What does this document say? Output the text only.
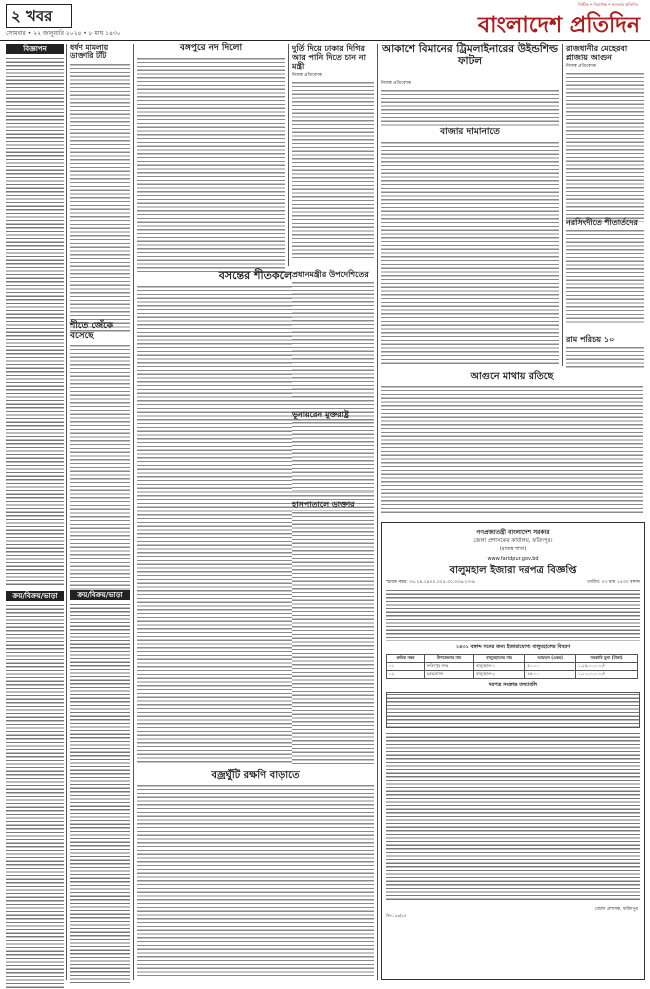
২ খবর
সোমবার • ২২ জানুয়ারি ২০২৪ • ৮ মাঘ ১৪৩০
নির্ভীক • নিরপেক্ষ • জনতার প্রতিদিন
বাংলাদেশ প্রতিদিন
বিজ্ঞাপন
ক্রয়/বিক্রয়/ভাড়া
ধর্ষণ মামলায় ডাক্তারি টাঁট
শীতে জেঁকে বসেছে
ক্রয়/বিক্রয়/ভাড়া
বঙ্গপুরে নদ দিলো
বসন্তের শীতকলে
বজ্রঘুঁটি রক্ষণি বাড়াতে
দুর্তি দিয়ে ঢাকার দিগির আর পানি দিতে চান না মন্ত্রী
নিজস্ব প্রতিবেদক
আকাশে বিমানের ট্রিমলাইনারের উইন্ডশিল্ড ফাটল
প্রধানমন্ত্রীর উপদেশিতের
ভূনায়রেন মুক্তরাষ্ট্র
হাসপাতালে ডাক্তার
নিজস্ব প্রতিবেদক
বাজার দামানাতে
আগুনে মাথায় রতিছে
রাজধানীর মেহেরবা প্লাজায় আগুন
নিজস্ব প্রতিবেদক
নরসিংদীতে শীতার্তদের
রাম পরিচয় ১০
গণপ্রজাতন্ত্রী বাংলাদেশ সরকার
জেলা প্রশাসকের কার্যালয়, ফরিদপুর।
(রাজস্ব শাখা)
www.faridpur.gov.bd
বালুমহাল ইজারা দরপত্র বিজ্ঞপ্তি
স্মারক নম্বর: ০৫.২৯.২৯০০.০০৫.৩০.০০৬.২৩-৯	তারিখ: ০৩ মাঘ ১৪৩০ বঙ্গাব্দ
১৪৩১ বঙ্গাব্দ সনের জন্য ইজারাযোগ্য বালুমহালের বিবরণ
ক্রমিক নম্বর	উপজেলার নাম	বালুমহালের নাম	আয়তন (একর)	সরকারি মূল্য (টাকা)
০১	ফরিদপুর সদর	বালুমহাল-১	৫০.০০	১,২৫,০০,০০০/-
০২	চরভদ্রাসন	বালুমহাল-২	৪৫.০০	১,১০,০০,০০০/-
দরপত্র সংক্রান্ত তথ্যাবলি
জেলা প্রশাসক, ফরিদপুর
জি-১২৩/২৪
